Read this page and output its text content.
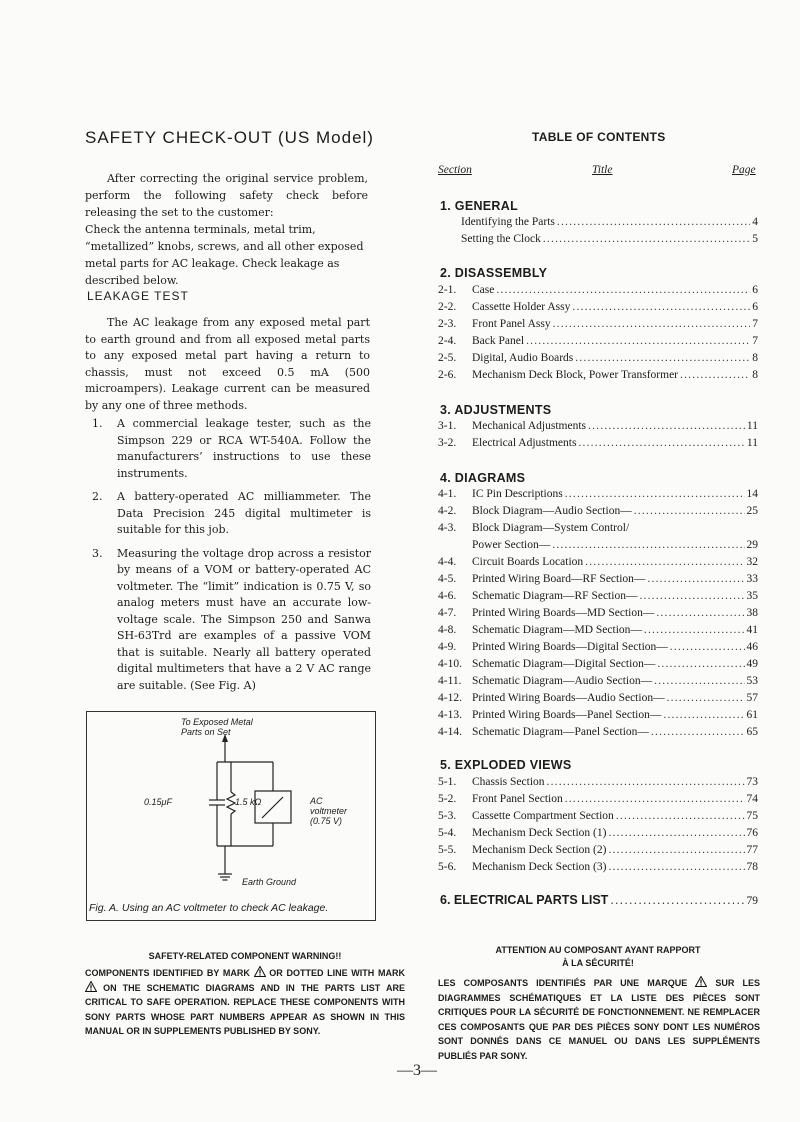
SAFETY CHECK-OUT (US Model)

After correcting the original service problem, perform the following safety check before releasing the set to the customer:

Check the antenna terminals, metal trim, “metallized” knobs, screws, and all other exposed metal parts for AC leakage. Check leakage as described below.

LEAKAGE TEST

The AC leakage from any exposed metal part to earth ground and from all exposed metal parts to any exposed metal part having a return to chassis, must not exceed 0.5 mA (500 microampers). Leakage current can be measured by any one of three methods.

1. A commercial leakage tester, such as the Simpson 229 or RCA WT-540A. Follow the manufacturers’ instructions to use these instruments.
2. A battery-operated AC milliammeter. The Data Precision 245 digital multimeter is suitable for this job.
3. Measuring the voltage drop across a resistor by means of a VOM or battery-operated AC voltmeter. The “limit” indication is 0.75 V, so analog meters must have an accurate low-voltage scale. The Simpson 250 and Sanwa SH-63Trd are examples of a passive VOM that is suitable. Nearly all battery operated digital multimeters that have a 2 V AC range are suitable. (See Fig. A)
To Exposed Metal
Parts on Set
0.15μF	1.5 kΩ	AC
voltmeter
(0.75 V)
Earth Ground
Fig. A. Using an AC voltmeter to check AC leakage.
TABLE OF CONTENTS
Section	Title	Page
1. GENERAL
Identifying the Parts .....	4
Setting the Clock .....	5
2. DISASSEMBLY
2-1.	Case .....	6
2-2.	Cassette Holder Assy .....	6
2-3.	Front Panel Assy .....	7
2-4.	Back Panel .....	7
2-5.	Digital, Audio Boards .....	8
2-6.	Mechanism Deck Block, Power Transformer .....	8
3. ADJUSTMENTS
3-1.	Mechanical Adjustments .....	11
3-2.	Electrical Adjustments .....	11
4. DIAGRAMS
4-1.	IC Pin Descriptions .....	14
4-2.	Block Diagram—Audio Section— .....	25
4-3.	Block Diagram—System Control/
Power Section— .....	29
4-4.	Circuit Boards Location .....	32
4-5.	Printed Wiring Board—RF Section— .....	33
4-6.	Schematic Diagram—RF Section— .....	35
4-7.	Printed Wiring Boards—MD Section— .....	38
4-8.	Schematic Diagram—MD Section— .....	41
4-9.	Printed Wiring Boards—Digital Section— .....	46
4-10. Schematic Diagram—Digital Section— .....	49
4-11. Schematic Diagram—Audio Section— .....	53
4-12. Printed Wiring Boards—Audio Section— .....	57
4-13. Printed Wiring Boards—Panel Section— .....	61
4-14. Schematic Diagram—Panel Section— .....	65
5. EXPLODED VIEWS
5-1.	Chassis Section .....	73
5-2.	Front Panel Section .....	74
5-3.	Cassette Compartment Section .....	75
5-4.	Mechanism Deck Section (1) .....	76
5-5.	Mechanism Deck Section (2) .....	77
5-6.	Mechanism Deck Section (3) .....	78
6. ELECTRICAL PARTS LIST .....	79
SAFETY-RELATED COMPONENT WARNING!!

COMPONENTS IDENTIFIED BY MARK OR DOTTED LINE WITH MARK  ON THE SCHEMATIC DIAGRAMS AND IN THE PARTS LIST ARE CRITICAL TO SAFE OPERATION. REPLACE THESE COMPONENTS WITH SONY PARTS WHOSE PART NUMBERS APPEAR AS SHOWN IN THIS MANUAL OR IN SUPPLEMENTS PUBLISHED BY SONY.

ATTENTION AU COMPOSANT AYANT RAPPORT
À LA SÉCURITÉ!

LES COMPOSANTS IDENTIFIÉS PAR UNE MARQUE	SUR LES DIAGRAMMES SCHÉMATIQUES ET LA LISTE DES PIÈCES SONT CRITIQUES POUR LA SÉCURITÉ DE FONCTIONNEMENT. NE REMPLACER CES COMPOSANTS QUE PAR DES PIÈCES SONY DONT LES NUMÉROS SONT DONNÉS DANS CE MANUEL OU DANS LES SUPPLÉMENTS PUBLIÉS PAR SONY.

—3—
